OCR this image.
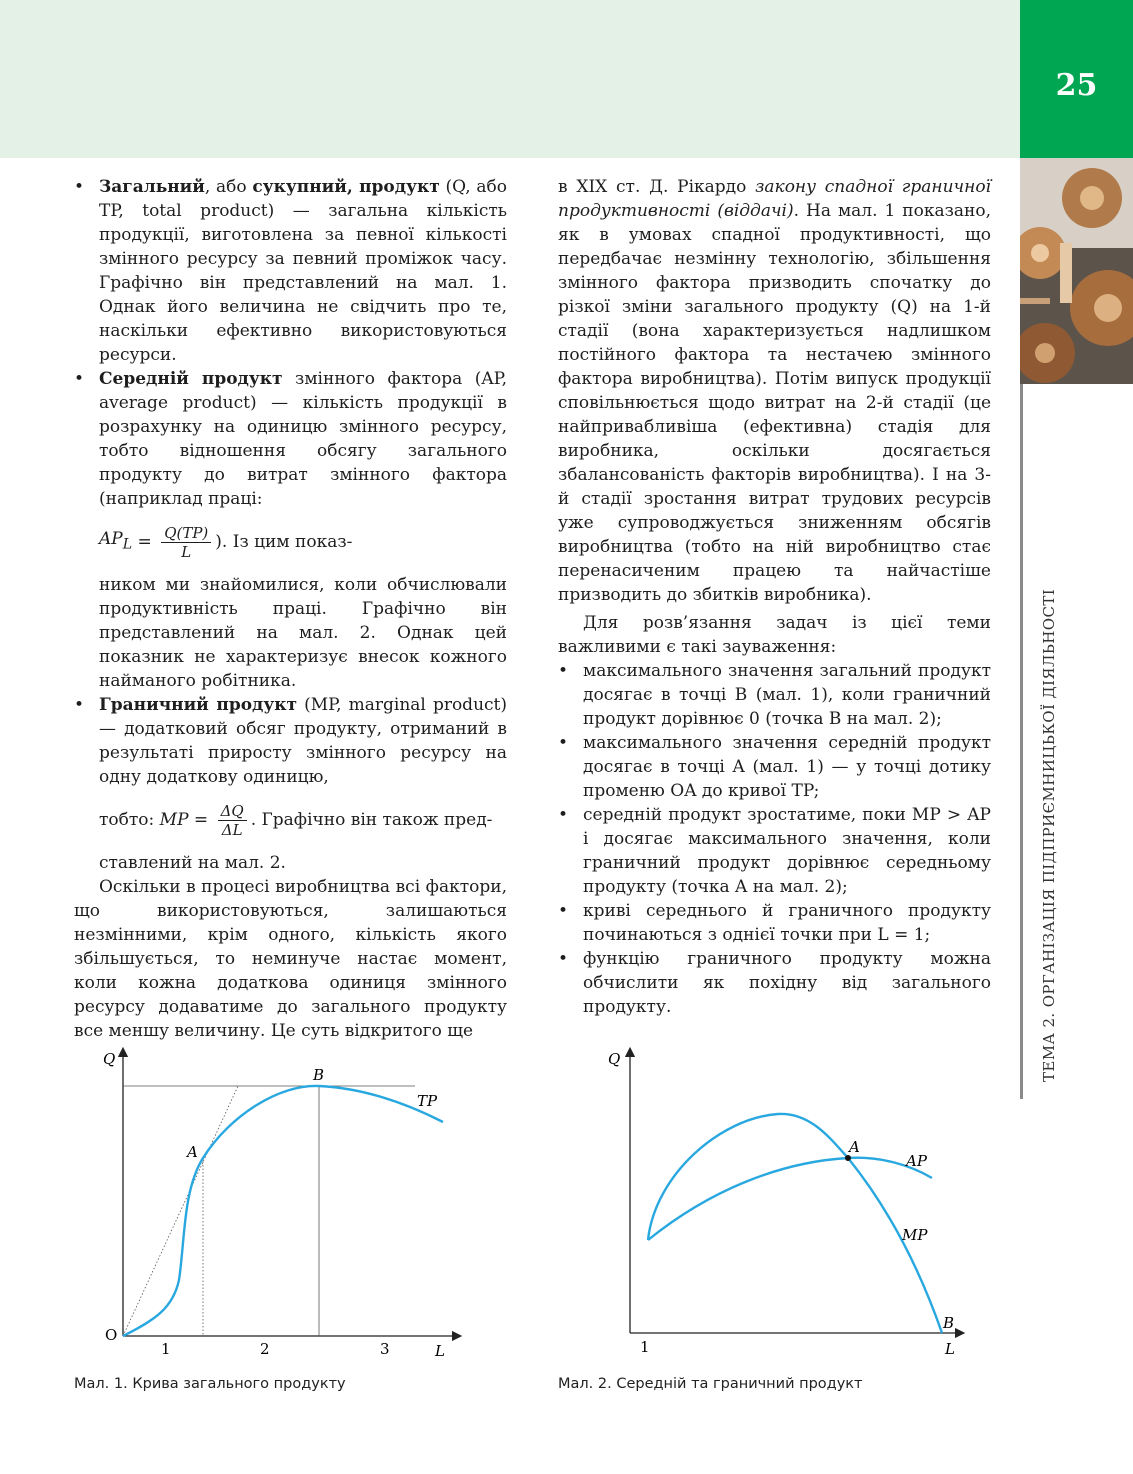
25
ТЕМА 2. ОРГАНІЗАЦІЯ ПІДПРИЄМНИЦЬКОЇ ДІЯЛЬНОСТІ

• Загальний, або сукупний, продукт (Q, або TP, total product) — загальна кількість продукції, виготовлена за певної кількості змінного ресурсу за певний проміжок часу. Графічно він представлений на мал. 1. Однак його величина не свідчить про те, наскільки ефективно використовуються ресурси.

• Середній продукт змінного фактора (AP, average product) — кількість продукції в розрахунку на одиницю змінного ресурсу, тобто відношення обсягу загального продукту до витрат змінного фактора (наприклад праці:

$AP_L = \frac{Q(TP)}{L}$ ). Із цим показ-

ником ми знайомилися, коли обчислювали продуктивність праці. Графічно він представлений на мал. 2. Однак цей показник не характеризує внесок кожного найманого робітника.

• Граничний продукт (MP, marginal product) — додатковий обсяг продукту, отриманий в результаті приросту змінного ресурсу на одну додаткову одиницю,

тобто:
MP = $\frac{\Delta Q}{\Delta L}$ . Графічно він також пред-

ставлений на мал. 2.

Оскільки в процесі виробництва всі фактори, що використовуються, залишаються незмінними, крім одного, кількість якого збільшується, то неминуче настає момент, коли кожна додаткова одиниця змінного ресурсу додаватиме до загального продукту все меншу величину. Це суть відкритого ще

в XIX ст. Д. Рікардо закону спадної граничної продуктивності (віддачі). На мал. 1 показано, як в умовах спадної продуктивності, що передбачає незмінну технологію, збільшення змінного фактора призводить спочатку до різкої зміни загального продукту (Q) на 1-й стадії (вона характеризується надлишком постійного фактора та нестачею змінного фактора виробництва). Потім випуск продукції сповільнюється щодо витрат на 2-й стадії (це найпривабливіша (ефективна) стадія для виробника, оскільки досягається збалансованість факторів виробництва). І на 3-й стадії зростання витрат трудових ресурсів уже супроводжується зниженням обсягів виробництва (тобто на ній виробництво стає перенасиченим працею та найчастіше призводить до збитків виробника).

Для розв’язання задач із цієї теми важливими є такі зауваження:

• максимального значення загальний продукт досягає в точці B (мал. 1), коли граничний продукт дорівнює 0 (точка B на мал. 2);

• максимального значення середній продукт досягає в точці A (мал. 1) — у точці дотику променю OA до кривої TP;

• середній продукт зростатиме, поки MP > AP і досягає максимального значення, коли граничний продукт дорівнює середньому продукту (точка A на мал. 2);

• криві середнього й граничного продукту починаються з однієї точки при L = 1;

• функцію граничного продукту можна обчислити як похідну від загального продукту.

Q
L
O
1	2	3
A
B
TP
Мал. 1. Крива загального продукту
Q
L
1
A
AP
MP
B
Мал. 2. Середній та граничний продукт
